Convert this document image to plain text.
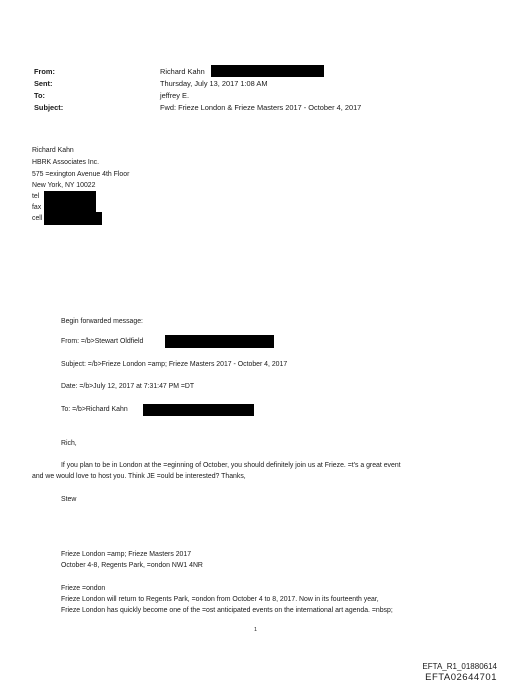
From:	Richard Kahn
Sent:	Thursday, July 13, 2017 1:08 AM
To:	jeffrey E.
Subject:	Fwd: Frieze London & Frieze Masters 2017 - October 4, 2017
Richard Kahn
HBRK Associates Inc.
575 =exington Avenue 4th Floor
New York, NY 10022
tel
fax
cell
Begin forwarded message:
From: =/b>Stewart Oldfield
Subject: =/b>Frieze London =amp; Frieze Masters 2017 - October 4, 2017
Date: =/b>July 12, 2017 at 7:31:47 PM =DT
To: =/b>Richard Kahn
Rich,
If you plan to be in London at the =eginning of October, you should definitely join us at Frieze. =t's a great event
and we would love to host you. Think JE =ould be interested? Thanks,
Stew
Frieze London =amp; Frieze Masters 2017
October 4-8, Regents Park, =ondon NW1 4NR
Frieze =ondon
Frieze London will return to Regents Park, =ondon from October 4 to 8, 2017. Now in its fourteenth year,
Frieze London has quickly become one of the =ost anticipated events on the international art agenda. =nbsp;
1
EFTA_R1_01880614
EFTA02644701
